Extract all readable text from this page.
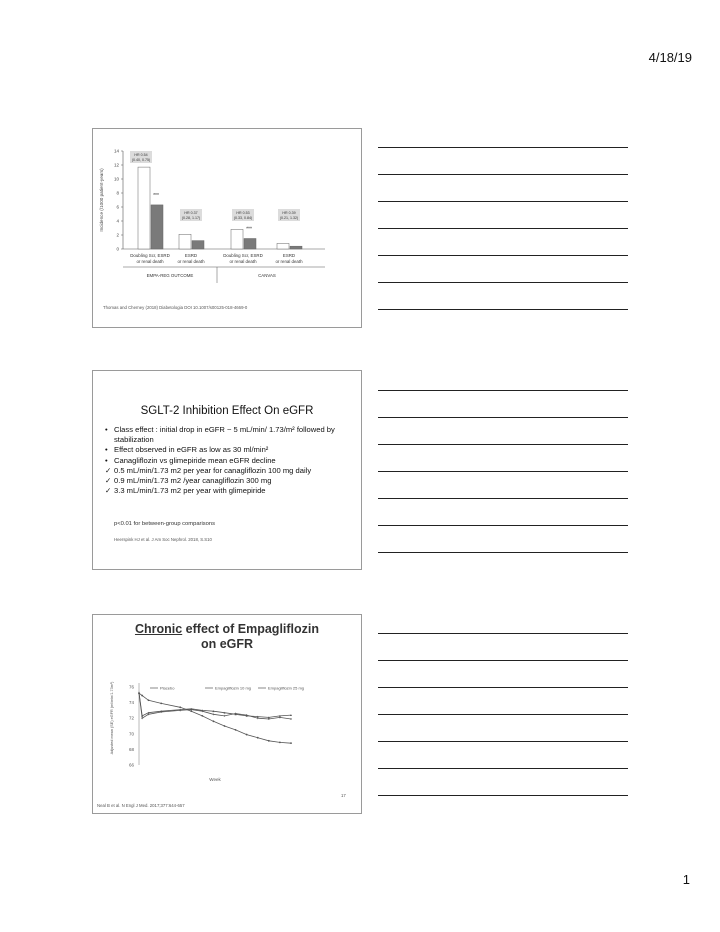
4/18/19
0
2
4
6
8
10
12
14
Incidence (/1000 patient-years)
Doubling Scr, ESRD
or renal death
HR 0.54
(0.40, 0.75)
***
ESRD
or renal death
HR 0.37
(0.28, 1.17)
Doubling Scr, ESRD
or renal death
HR 0.53
(0.33, 0.84)
***
ESRD
or renal death
HR 0.39
(0.21, 1.32)
EMPA-REG OUTCOME	CANVAS
Thomas and Cherney (2018) Diabetologia DOI 10.1007/s00125-018-4669-0
SGLT-2 Inhibition Effect On eGFR
• Class effect : initial drop in eGFR ~ 5 mL/min/ 1.73/m² followed by stabilization
• Effect observed in eGFR as low as 30 ml/min²
• Canagliflozin vs glimepiride mean eGFR decline
✓ 0.5 mL/min/1.73 m2 per year for canagliflozin 100 mg daily
✓ 0.9 mL/min/1.73 m2 /year canagliflozin 300 mg
✓ 3.3 mL/min/1.73 m2 per year with glimepiride
p<0.01 for between-group comparisons
Heerspink HJ et al. J Am Soc Nephrol. 2018, S.S10
Chronic effect of Empagliflozin
on eGFR
76
74
72
70
68
66
Adjusted mean (SE) eGFR (ml/min/1.73m²)
Week
Placebo	Empagliflozin 10 mg	Empagliflozin 25 mg
Neal B et al. N Engl J Med. 2017;377:644-657
17
1
